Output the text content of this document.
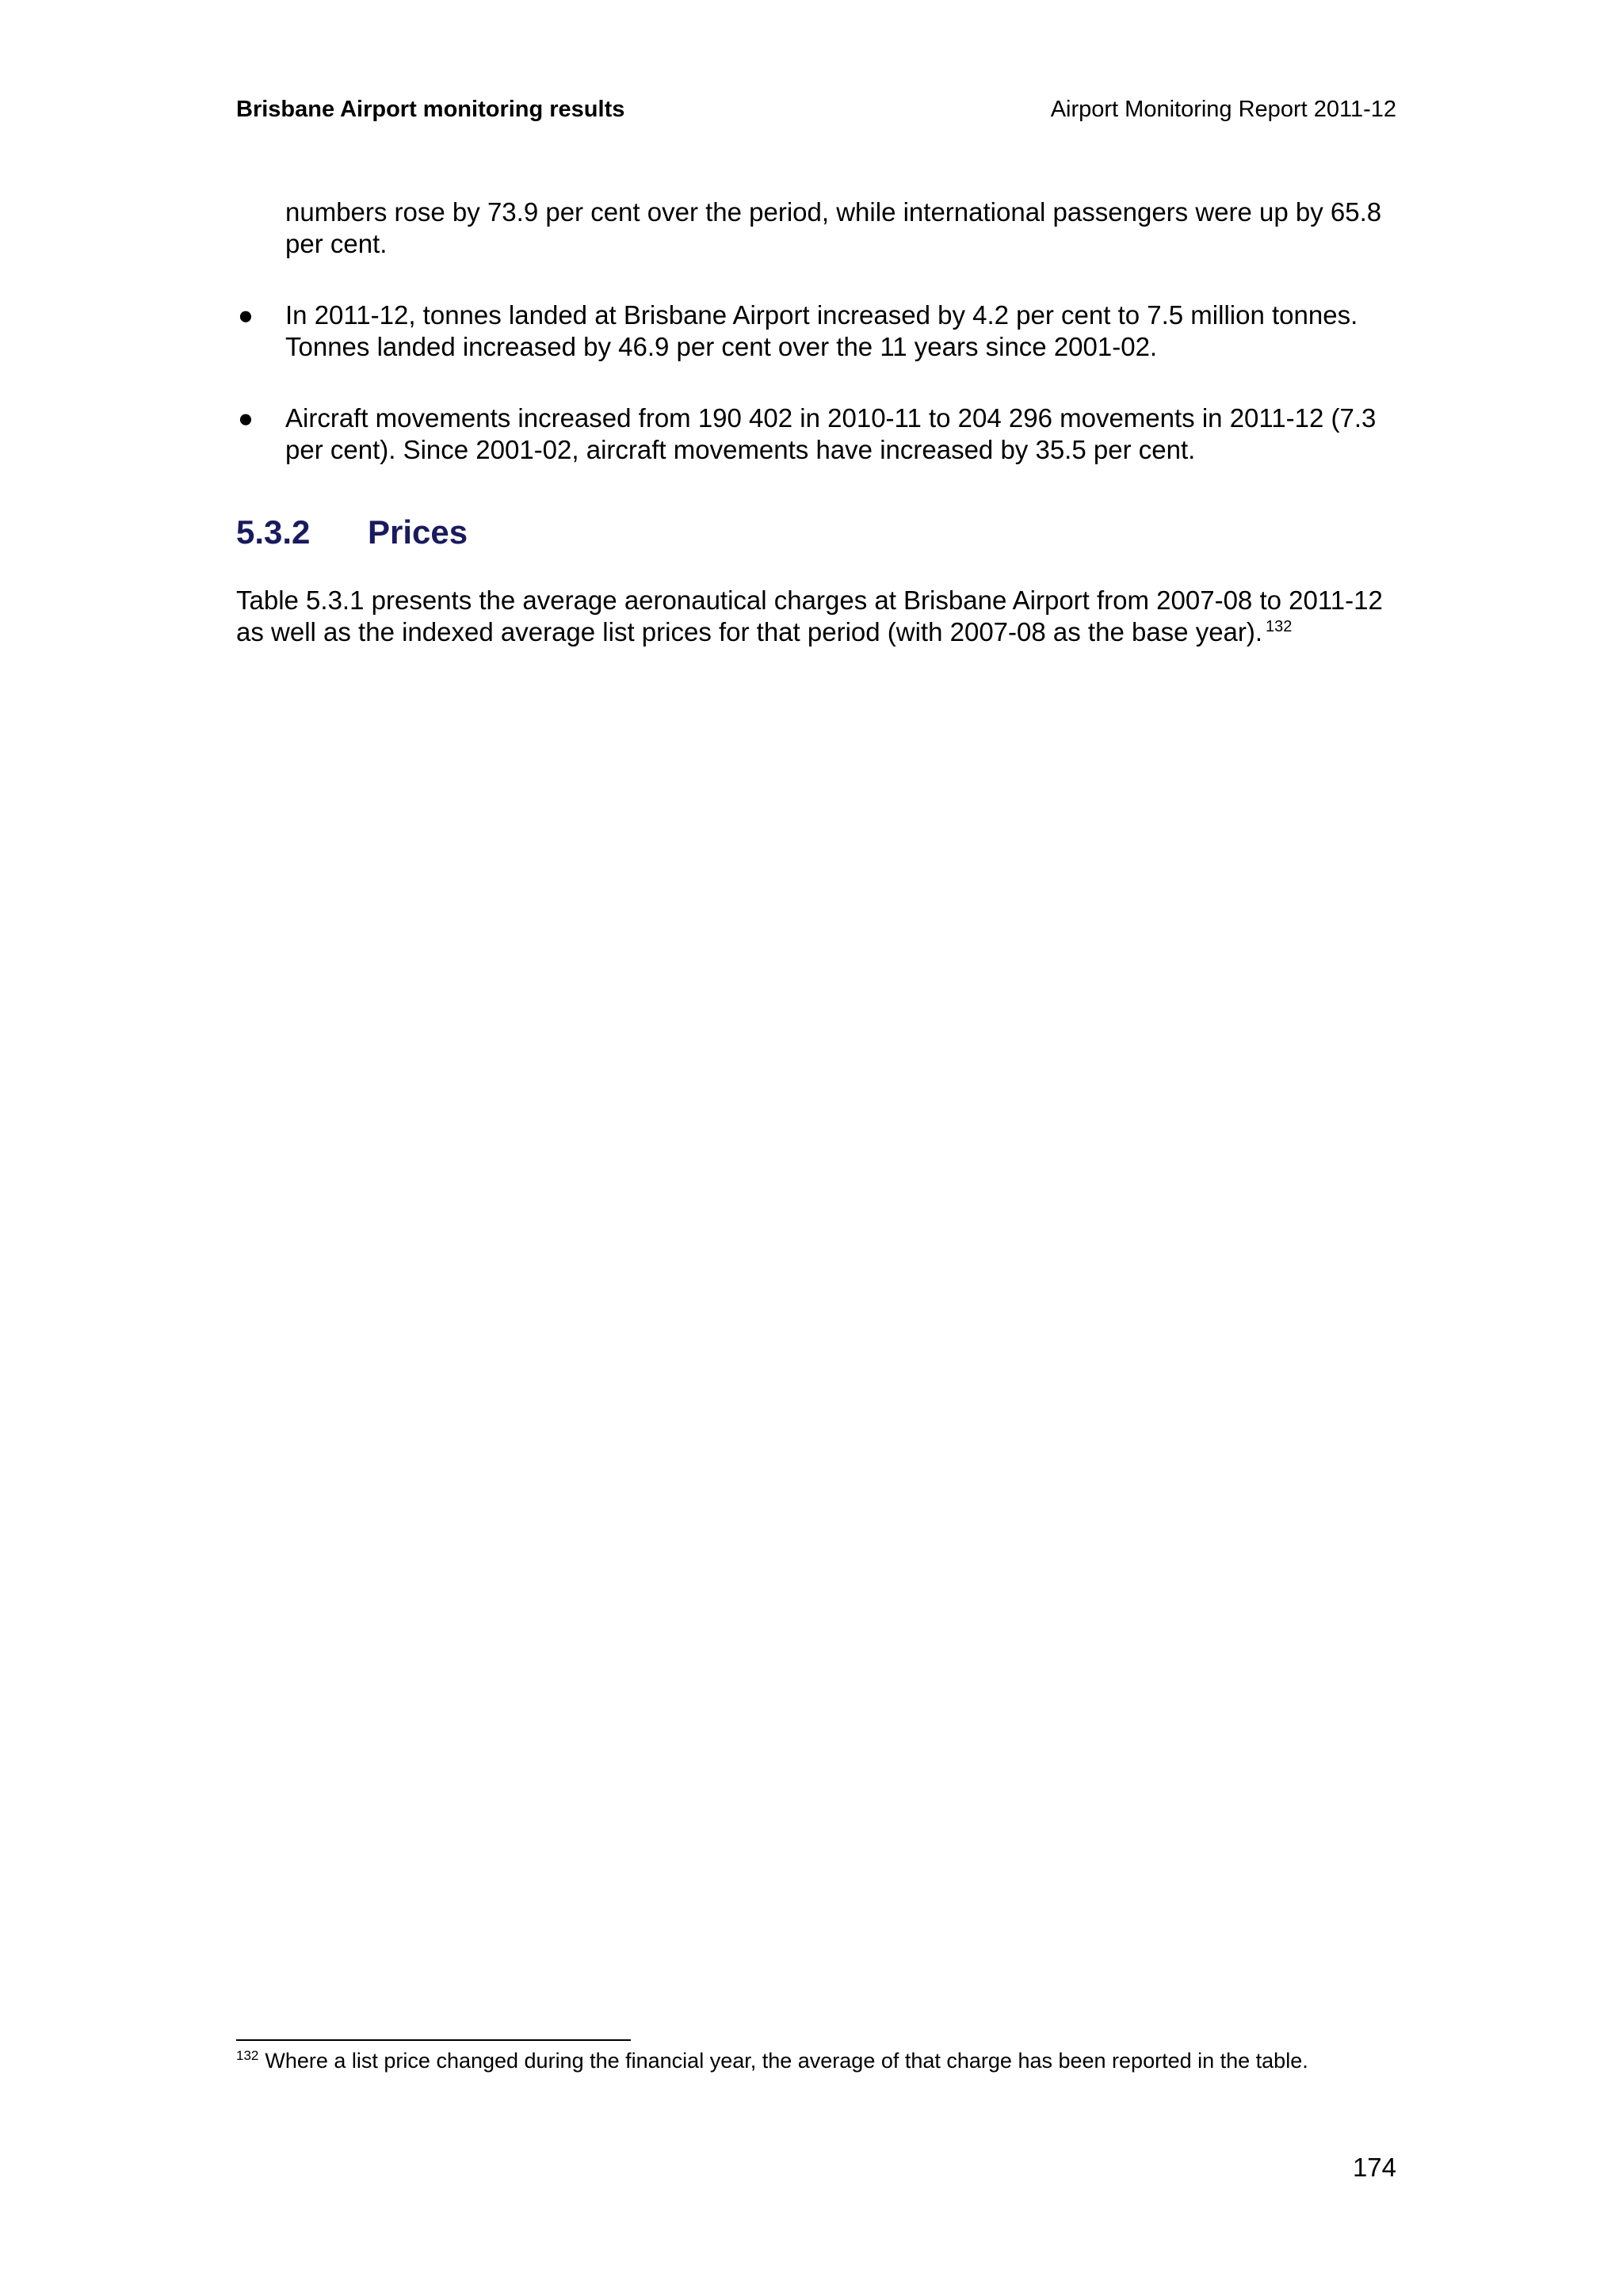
Brisbane Airport monitoring results	Airport Monitoring Report 2011-12

numbers rose by 73.9 per cent over the period, while international passengers were up by 65.8 per cent.

● In 2011-12, tonnes landed at Brisbane Airport increased by 4.2 per cent to 7.5 million tonnes. Tonnes landed increased by 46.9 per cent over the 11 years since 2001-02.

● Aircraft movements increased from 190 402 in 2010-11 to 204 296 movements in 2011-12 (7.3 per cent). Since 2001-02, aircraft movements have increased by 35.5 per cent.

5.3.2	Prices

Table 5.3.1 presents the average aeronautical charges at Brisbane Airport from 2007-08 to 2011-12 as well as the indexed average list prices for that period (with 2007-08 as the base year). $^{132}$

$^{132}$ Where a list price changed during the financial year, the average of that charge has been reported in the table.
174
